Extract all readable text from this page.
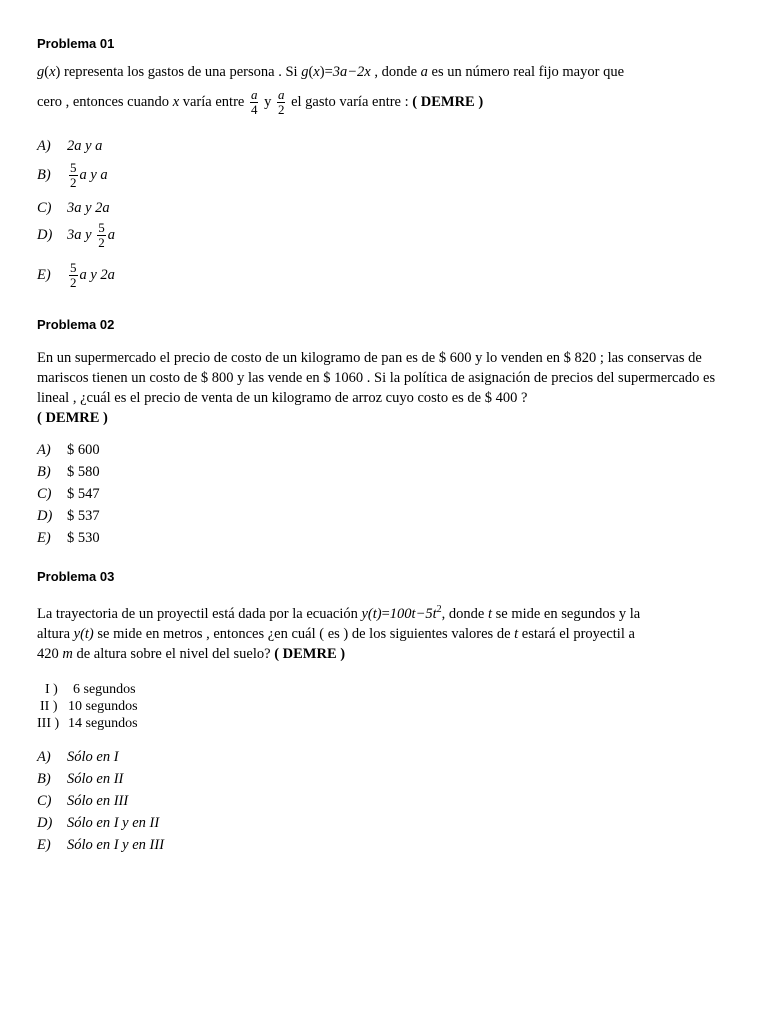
Problema 01
g(x) representa los gastos de una persona . Si g(x)=3a−2x , donde a es un número real fijo mayor que
cero , entonces cuando x varía entre $\frac{a}{4}$ y $\frac{a}{2}$ el gasto varía entre : ( DEMRE )
A) 2a y a
$B) \frac{5}{2}$ a y a
C) 3a y 2a
D) 3a y $\frac{5}{2}$ a
$E) \frac{5}{2}$ a y 2a
Problema 02
En un supermercado el precio de costo de un kilogramo de pan es de $ 600 y lo venden en $ 820 ; las conservas de mariscos tienen un costo de $ 800 y las vende en $ 1060 . Si la política de asignación de precios del supermercado es lineal , ¿cuál es el precio de venta de un kilogramo de arroz cuyo costo es de $ 400 ?
( DEMRE )
A) $ 600
B) $ 580
C) $ 547
D) $ 537
E) $ 530
Problema 03
La trayectoria de un proyectil está dada por la ecuación $y(t)=100t-5t^2$, donde t se mide en segundos y la
altura y(t) se mide en metros , entonces ¿en cuál ( es ) de los siguientes valores de t estará el proyectil a
420 m de altura sobre el nivel del suelo? ( DEMRE )
I ) 6 segundos
II ) 10 segundos
III ) 14 segundos
A) Sólo en I
B) Sólo en II
C) Sólo en III
D) Sólo en I y en II
E) Sólo en I y en III
